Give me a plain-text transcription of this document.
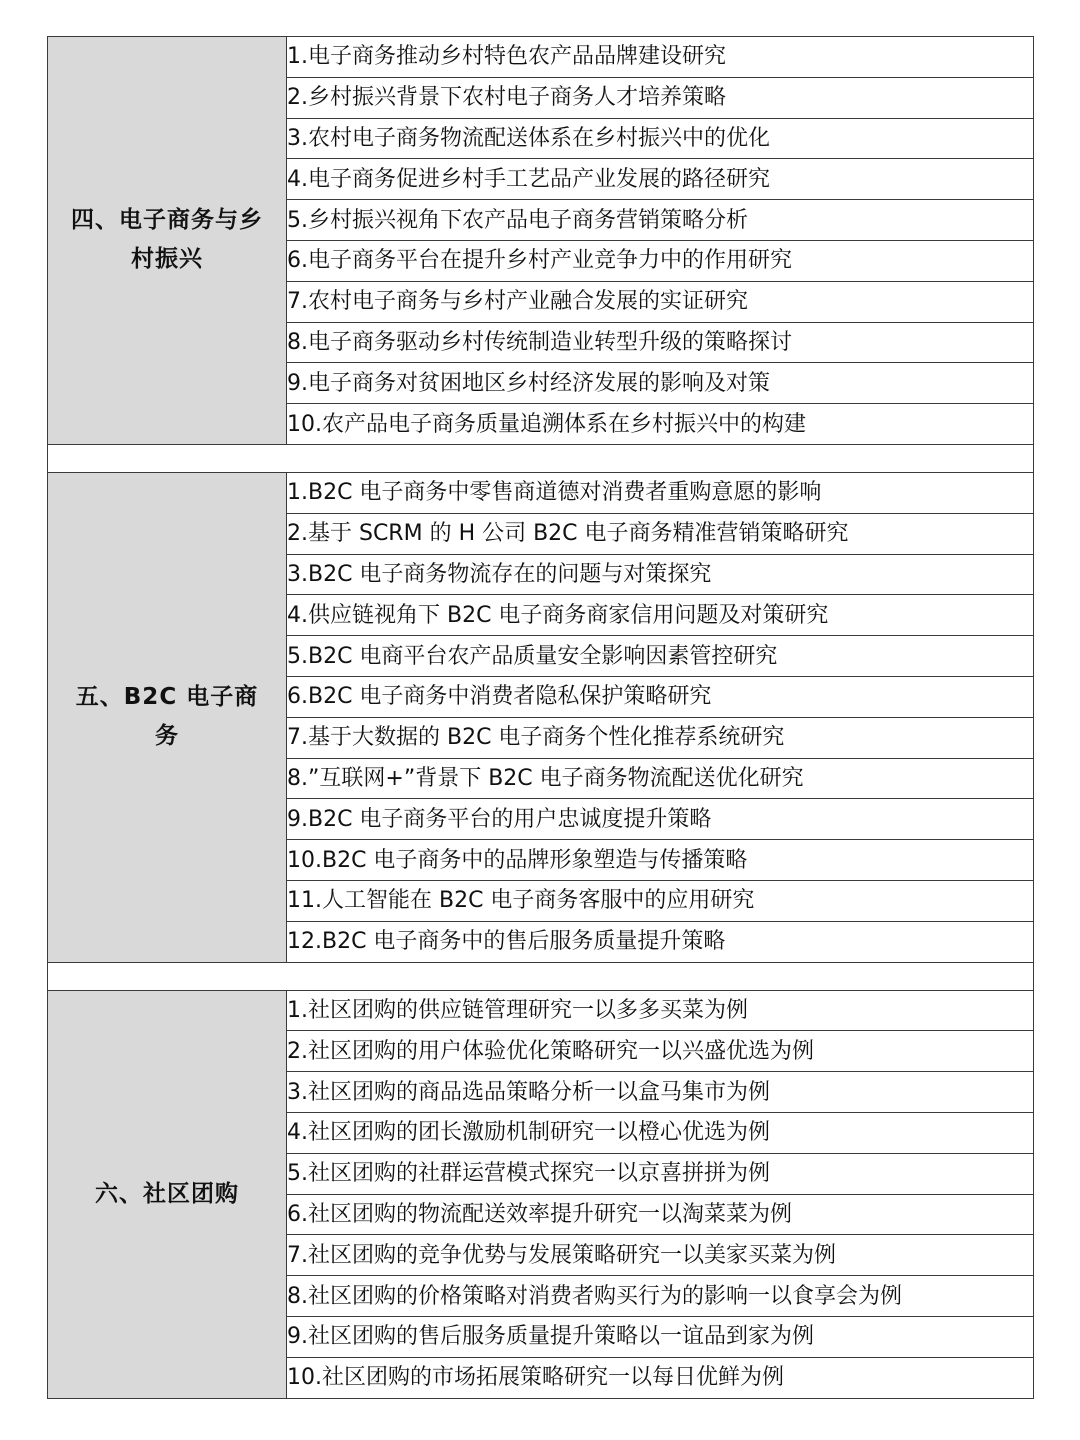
四、电子商务与乡村振兴	1.电子商务推动乡村特色农产品品牌建设研究
	2.乡村振兴背景下农村电子商务人才培养策略
	3.农村电子商务物流配送体系在乡村振兴中的优化
	4.电子商务促进乡村手工艺品产业发展的路径研究
	5.乡村振兴视角下农产品电子商务营销策略分析
	6.电子商务平台在提升乡村产业竞争力中的作用研究
	7.农村电子商务与乡村产业融合发展的实证研究
	8.电子商务驱动乡村传统制造业转型升级的策略探讨
	9.电子商务对贫困地区乡村经济发展的影响及对策
	10.农产品电子商务质量追溯体系在乡村振兴中的构建

五、B2C 电子商务	1.B2C 电子商务中零售商道德对消费者重购意愿的影响
	2.基于 SCRM 的 H 公司 B2C 电子商务精准营销策略研究
	3.B2C 电子商务物流存在的问题与对策探究
	4.供应链视角下 B2C 电子商务商家信用问题及对策研究
	5.B2C 电商平台农产品质量安全影响因素管控研究
	6.B2C 电子商务中消费者隐私保护策略研究
	7.基于大数据的 B2C 电子商务个性化推荐系统研究
	8.”互联网+”背景下 B2C 电子商务物流配送优化研究
	9.B2C 电子商务平台的用户忠诚度提升策略
	10.B2C 电子商务中的品牌形象塑造与传播策略
	11.人工智能在 B2C 电子商务客服中的应用研究
	12.B2C 电子商务中的售后服务质量提升策略

六、社区团购	1.社区团购的供应链管理研究一以多多买菜为例
	2.社区团购的用户体验优化策略研究一以兴盛优选为例
	3.社区团购的商品选品策略分析一以盒马集市为例
	4.社区团购的团长激励机制研究一以橙心优选为例
	5.社区团购的社群运营模式探究一以京喜拼拼为例
	6.社区团购的物流配送效率提升研究一以淘菜菜为例
	7.社区团购的竞争优势与发展策略研究一以美家买菜为例
	8.社区团购的价格策略对消费者购买行为的影响一以食享会为例
	9.社区团购的售后服务质量提升策略以一谊品到家为例
	10.社区团购的市场拓展策略研究一以每日优鲜为例
